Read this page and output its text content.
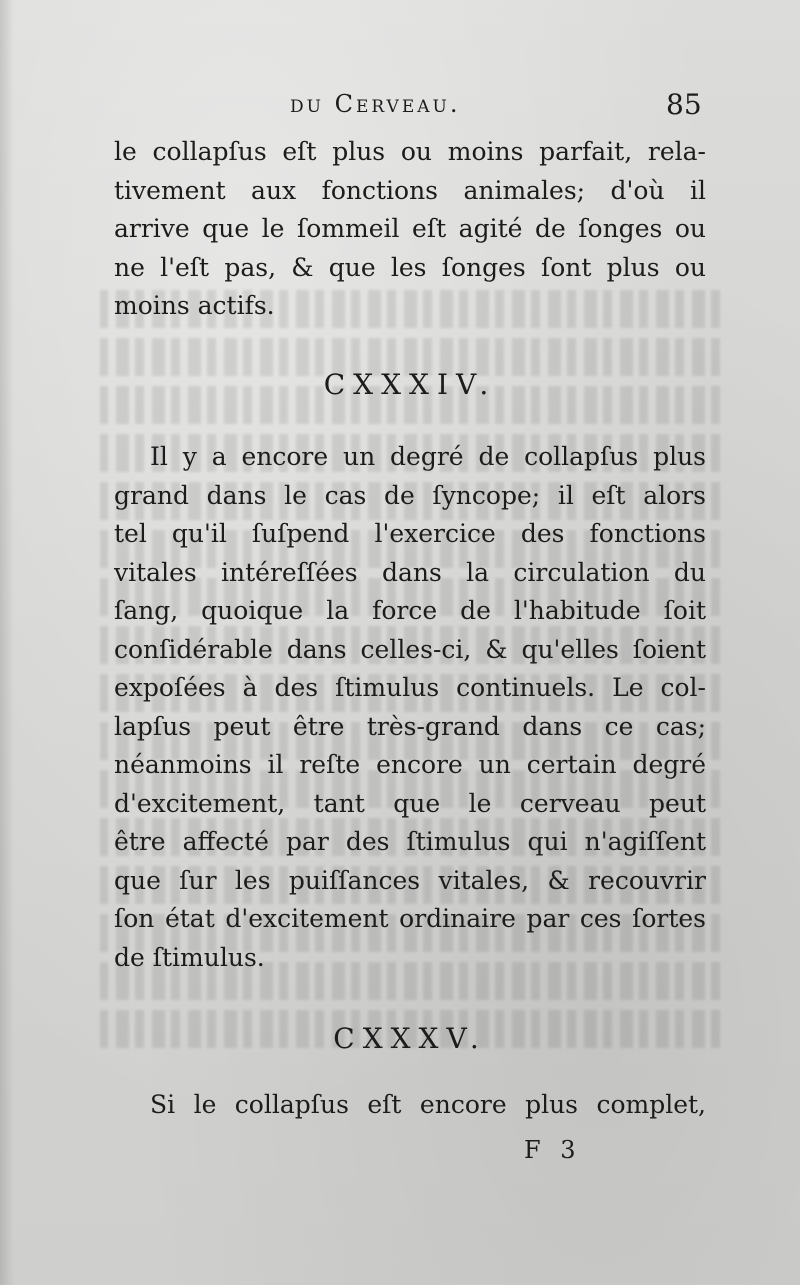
du Cerveau.	85
le collapſus eſt plus ou moins parfait, rela-
tivement aux fonctions animales; d'où il
arrive que le ſommeil eſt agité de ſonges ou
ne l'eſt pas, & que les ſonges ſont plus ou
moins actifs.
CXXXIV.
Il y a encore un degré de collapſus plus
grand dans le cas de ſyncope; il eſt alors
tel qu'il ſuſpend l'exercice des fonctions
vitales intéreſſées dans la circulation du
ſang, quoique la force de l'habitude ſoit
conſidérable dans celles-ci, & qu'elles ſoient
expoſées à des ſtimulus continuels. Le col-
lapſus peut être très-grand dans ce cas;
néanmoins il reſte encore un certain degré
d'excitement, tant que le cerveau peut
être affecté par des ſtimulus qui n'agiſſent
que ſur les puiſſances vitales, & recouvrir
ſon état d'excitement ordinaire par ces ſortes
de ſtimulus.
CXXXV.
Si le collapſus eſt encore plus complet,
F 3
